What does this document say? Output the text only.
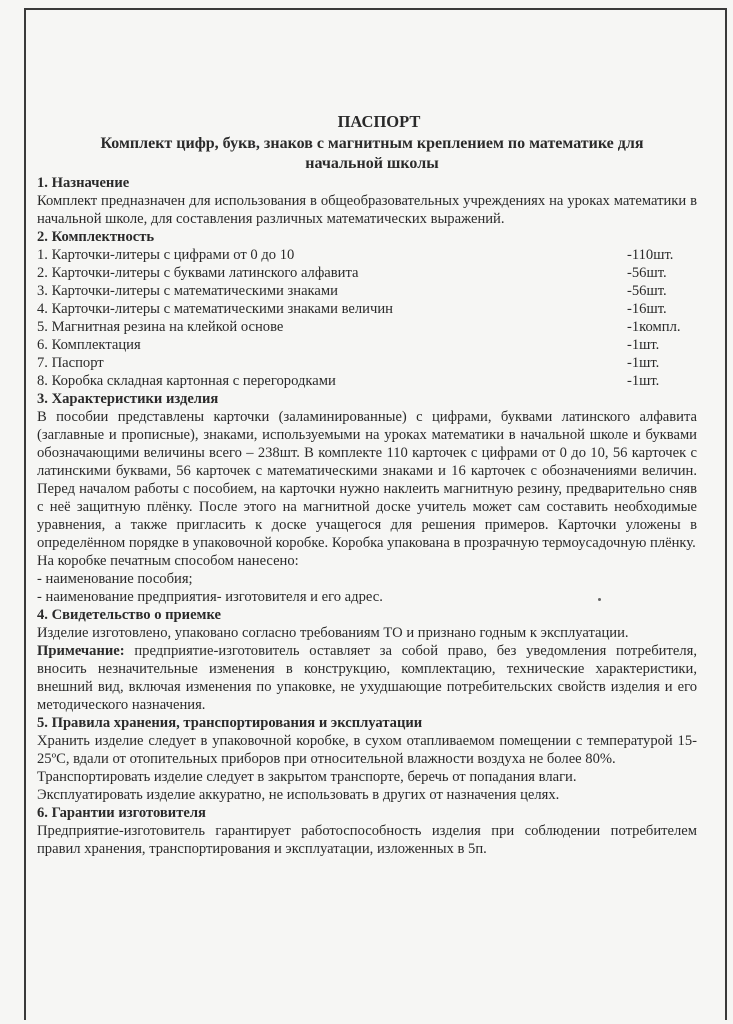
ПАСПОРТ
Комплект цифр, букв, знаков с магнитным креплением по математике для начальной школы
1. Назначение
Комплект предназначен для использования в общеобразовательных учреждениях на уроках математики в начальной школе, для составления различных математических выражений.
2. Комплектность
1. Карточки-литеры с цифрами от 0 до 10	-110шт.
2. Карточки-литеры с буквами латинского алфавита	-56шт.
3. Карточки-литеры с математическими знаками	-56шт.
4. Карточки-литеры с математическими знаками величин	-16шт.
5. Магнитная резина на клейкой основе	-1компл.
6. Комплектация	-1шт.
7. Паспорт	-1шт.
8. Коробка складная картонная с перегородками	-1шт.
3. Характеристики изделия
В пособии представлены карточки (заламинированные) с цифрами, буквами латинского алфавита (заглавные и прописные), знаками, используемыми на уроках математики в начальной школе и буквами обозначающими величины всего – 238шт. В комплекте 110 карточек с цифрами от 0 до 10, 56 карточек с латинскими буквами, 56 карточек с математическими знаками и 16 карточек с обозначениями величин. Перед началом работы с пособием, на карточки нужно наклеить магнитную резину, предварительно сняв с неё защитную плёнку. После этого на магнитной доске учитель может сам составить необходимые уравнения, а также пригласить к доске учащегося для решения примеров. Карточки уложены в определённом порядке в упаковочной коробке. Коробка упакована в прозрачную термоусадочную плёнку.
На коробке печатным способом нанесено:
- наименование пособия;
- наименование предприятия- изготовителя и его адрес.
4. Свидетельство о приемке
Изделие изготовлено, упаковано согласно требованиям ТО и признано годным к эксплуатации.
Примечание: предприятие-изготовитель оставляет за собой право, без уведомления потребителя, вносить незначительные изменения в конструкцию, комплектацию, технические характеристики, внешний вид, включая изменения по упаковке, не ухудшающие потребительских свойств изделия и его методического назначения.
5. Правила хранения, транспортирования и эксплуатации
Хранить изделие следует в упаковочной коробке, в сухом отапливаемом помещении с температурой 15-25ºС, вдали от отопительных приборов при относительной влажности воздуха не более 80%.
Транспортировать изделие следует в закрытом транспорте, беречь от попадания влаги.
Эксплуатировать изделие аккуратно, не использовать в других от назначения целях.
6. Гарантии изготовителя
Предприятие-изготовитель гарантирует работоспособность изделия при соблюдении потребителем правил хранения, транспортирования и эксплуатации, изложенных в 5п.
